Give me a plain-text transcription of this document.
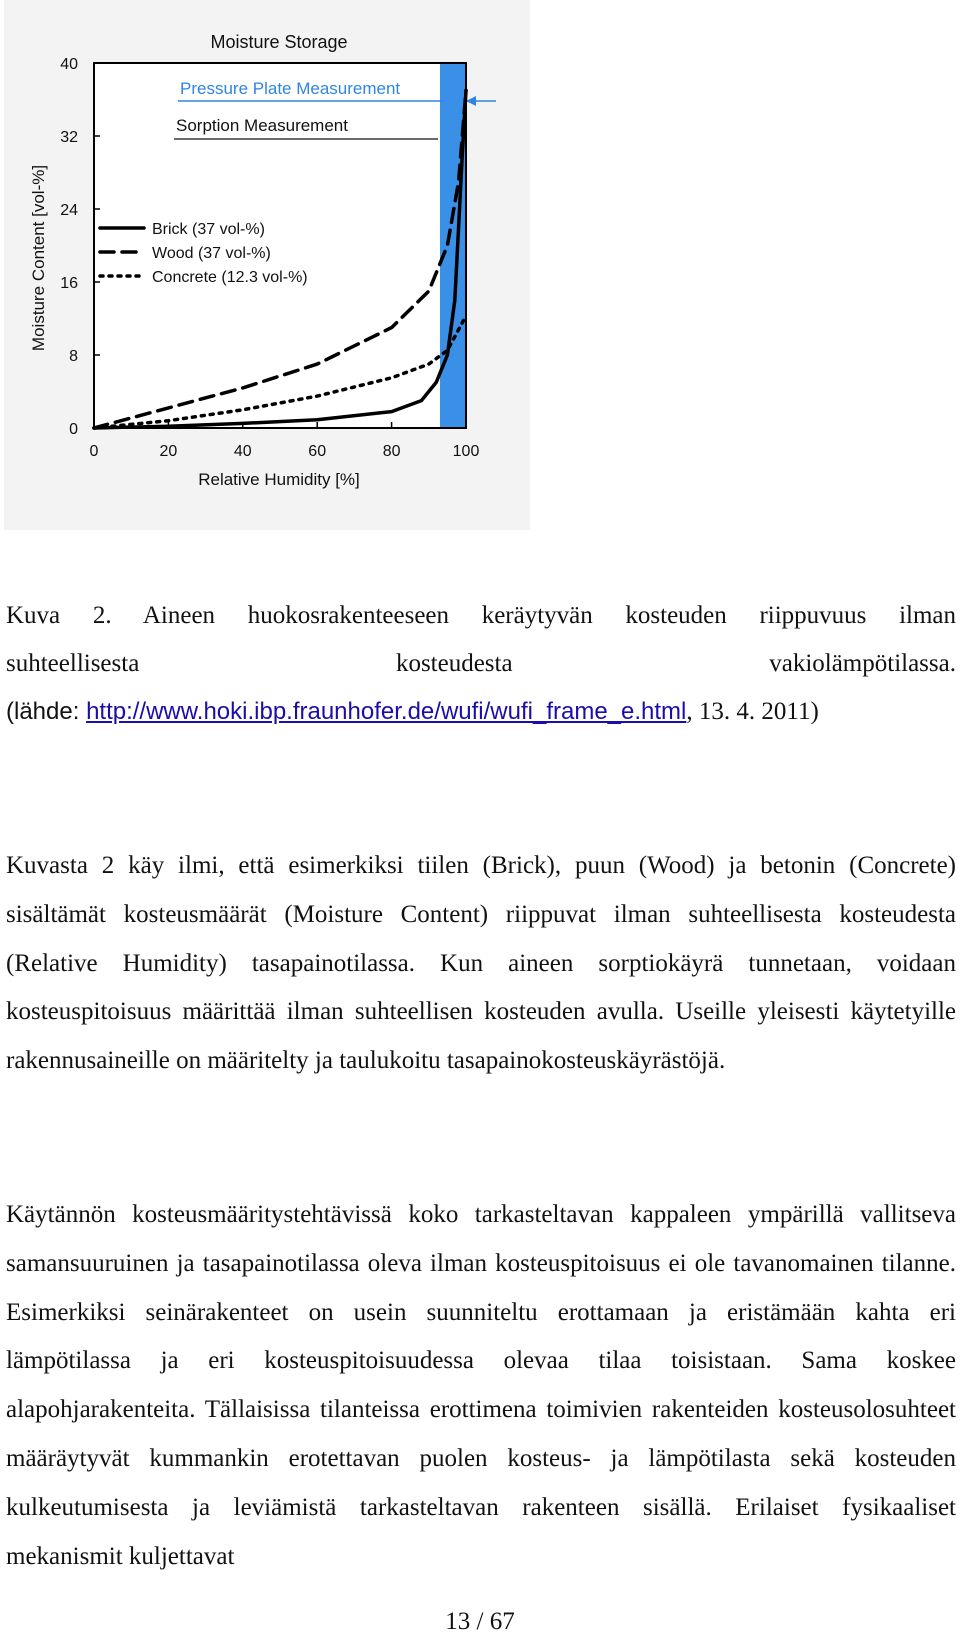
0
8
16
24
32
40
0	20	40	60	80	100
Moisture Storage
Relative Humidity [%]
Moisture Content [vol-%]
Pressure Plate Measurement
Sorption Measurement
Brick (37 vol-%)
Wood (37 vol-%)
Concrete (12.3 vol-%)

Kuva 2. Aineen huokosrakenteeseen keräytyvän kosteuden riippuvuus ilman

suhteellisesta kosteudesta vakiolämpötilassa.

(lähde: http://www.hoki.ibp.fraunhofer.de/wufi/wufi_frame_e.html, 13. 4. 2011)

Kuvasta 2 käy ilmi, että esimerkiksi tiilen (Brick), puun (Wood) ja betonin (Concrete) sisältämät kosteusmäärät (Moisture Content) riippuvat ilman suhteellisesta kosteudesta (Relative Humidity) tasapainotilassa. Kun aineen sorptiokäyrä tunnetaan, voidaan kosteuspitoisuus määrittää ilman suhteellisen kosteuden avulla. Useille yleisesti käytetyille rakennusaineille on määritelty ja taulukoitu tasapainokosteuskäyrästöjä.

Käytännön kosteusmääritystehtävissä koko tarkasteltavan kappaleen ympärillä vallitseva samansuuruinen ja tasapainotilassa oleva ilman kosteuspitoisuus ei ole tavanomainen tilanne. Esimerkiksi seinärakenteet on usein suunniteltu erottamaan ja eristämään kahta eri lämpötilassa ja eri kosteuspitoisuudessa olevaa tilaa toisistaan. Sama koskee alapohjarakenteita. Tällaisissa tilanteissa erottimena toimivien rakenteiden kosteusolosuhteet määräytyvät kummankin erotettavan puolen kosteus- ja lämpötilasta sekä kosteuden kulkeutumisesta ja leviämistä tarkasteltavan rakenteen sisällä. Erilaiset fysikaaliset mekanismit kuljettavat

13 / 67
